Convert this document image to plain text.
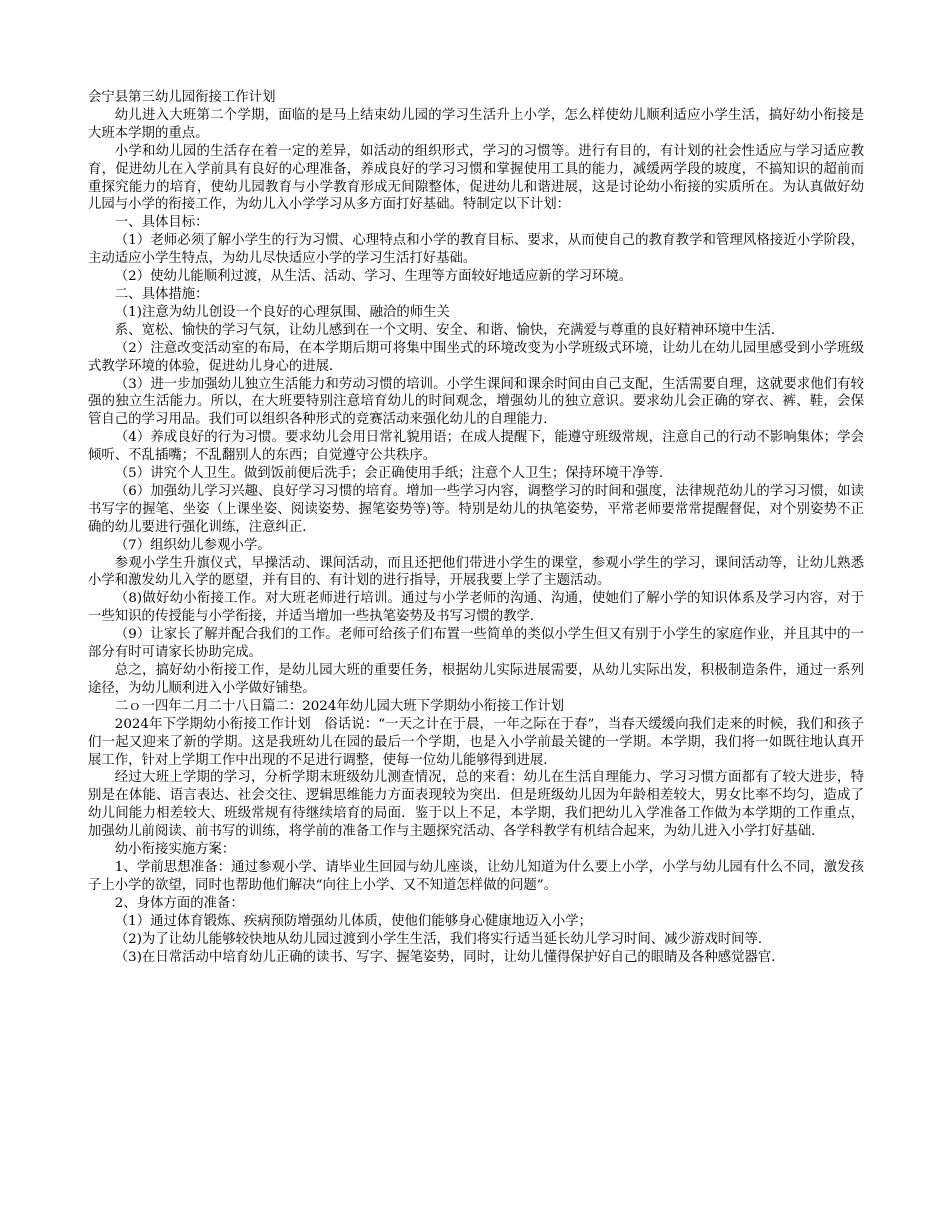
会宁县第三幼儿园衔接工作计划

幼儿进入大班第二个学期，面临的是马上结束幼儿园的学习生活升上小学，怎么样使幼儿顺利适应小学生活，搞好幼小衔接是大班本学期的重点。

小学和幼儿园的生活存在着一定的差异，如活动的组织形式，学习的习惯等。进行有目的，有计划的社会性适应与学习适应教育，促进幼儿在入学前具有良好的心理准备，养成良好的学习习惯和掌握使用工具的能力，减缓两学段的坡度，不搞知识的超前而重探究能力的培育，使幼儿园教育与小学教育形成无间隙整体，促进幼儿和谐进展，这是讨论幼小衔接的实质所在。为认真做好幼儿园与小学的衔接工作，为幼儿入小学学习从多方面打好基础。特制定以下计划：

一、具体目标：

（1）老师必须了解小学生的行为习惯、心理特点和小学的教育目标、要求，从而使自己的教育教学和管理风格接近小学阶段，主动适应小学生特点，为幼儿尽快适应小学的学习生活打好基础。

（2）使幼儿能顺利过渡，从生活、活动、学习、生理等方面较好地适应新的学习环境。

二、具体措施：

（1)注意为幼儿创设一个良好的心理氛围、融洽的师生关

系、宽松、愉快的学习气氛，让幼儿感到在一个文明、安全、和谐、愉快，充满爱与尊重的良好精神环境中生活．

（2）注意改变活动室的布局，在本学期后期可将集中围坐式的环境改变为小学班级式环境，让幼儿在幼儿园里感受到小学班级式教学环境的体验，促进幼儿身心的进展．

（3）进一步加强幼儿独立生活能力和劳动习惯的培训。小学生课间和课余时间由自己支配，生活需要自理，这就要求他们有较强的独立生活能力。所以，在大班要特别注意培育幼儿的时间观念，增强幼儿的独立意识。要求幼儿会正确的穿衣、裤、鞋，会保管自己的学习用品。我们可以组织各种形式的竞赛活动来强化幼儿的自理能力．

（4）养成良好的行为习惯。要求幼儿会用日常礼貌用语；在成人提醒下，能遵守班级常规，注意自己的行动不影响集体；学会倾听、不乱插嘴；不乱翻别人的东西；自觉遵守公共秩序。

（5）讲究个人卫生。做到饭前便后洗手；会正确使用手纸；注意个人卫生；保持环境干净等．

（6）加强幼儿学习兴趣、良好学习习惯的培育。增加一些学习内容，调整学习的时间和强度，法律规范幼儿的学习习惯，如读书写字的握笔、坐姿（上课坐姿、阅读姿势、握笔姿势等)等。特别是幼儿的执笔姿势，平常老师要常常提醒督促，对个别姿势不正确的幼儿要进行强化训练，注意纠正．

（7）组织幼儿参观小学。

参观小学生升旗仪式，早操活动、课间活动，而且还把他们带进小学生的课堂，参观小学生的学习，课间活动等，让幼儿熟悉小学和激发幼儿入学的愿望，并有目的、有计划的进行指导，开展我要上学了主题活动。

（8)做好幼小衔接工作。对大班老师进行培训。通过与小学老师的沟通、沟通，使她们了解小学的知识体系及学习内容，对于一些知识的传授能与小学衔接，并适当增加一些执笔姿势及书写习惯的教学．

（9）让家长了解并配合我们的工作。老师可给孩子们布置一些简单的类似小学生但又有别于小学生的家庭作业，并且其中的一部分有时可请家长协助完成。

总之，搞好幼小衔接工作，是幼儿园大班的重要任务，根据幼儿实际进展需要，从幼儿实际出发，积极制造条件，通过一系列途径，为幼儿顺利进入小学做好铺垫。

二ｏ一四年二月二十八日篇二：2024年幼儿园大班下学期幼小衔接工作计划

2024年下学期幼小衔接工作计划　俗话说：“一天之计在于晨，一年之际在于春”，当春天缓缓向我们走来的时候，我们和孩子们一起又迎来了新的学期。这是我班幼儿在园的最后一个学期，也是入小学前最关键的一学期。本学期，我们将一如既往地认真开展工作，针对上学期工作中出现的不足进行调整，使每一位幼儿能够得到进展．

经过大班上学期的学习，分析学期末班级幼儿测查情况，总的来看：幼儿在生活自理能力、学习习惯方面都有了较大进步，特别是在体能、语言表达、社会交往、逻辑思维能力方面表现较为突出．但是班级幼儿因为年龄相差较大，男女比率不均匀，造成了幼儿间能力相差较大、班级常规有待继续培育的局面．鉴于以上不足，本学期，我们把幼儿入学准备工作做为本学期的工作重点，加强幼儿前阅读、前书写的训练，将学前的准备工作与主题探究活动、各学科教学有机结合起来，为幼儿进入小学打好基础．

幼小衔接实施方案：

1、学前思想准备：通过参观小学、请毕业生回园与幼儿座谈，让幼儿知道为什么要上小学，小学与幼儿园有什么不同，激发孩子上小学的欲望，同时也帮助他们解决“向往上小学、又不知道怎样做的问题”。

2、身体方面的准备：

（1）通过体育锻炼、疾病预防增强幼儿体质，使他们能够身心健康地迈入小学；

（2)为了让幼儿能够较快地从幼儿园过渡到小学生生活，我们将实行适当延长幼儿学习时间、减少游戏时间等．

（3)在日常活动中培育幼儿正确的读书、写字、握笔姿势，同时，让幼儿懂得保护好自己的眼睛及各种感觉器官．
